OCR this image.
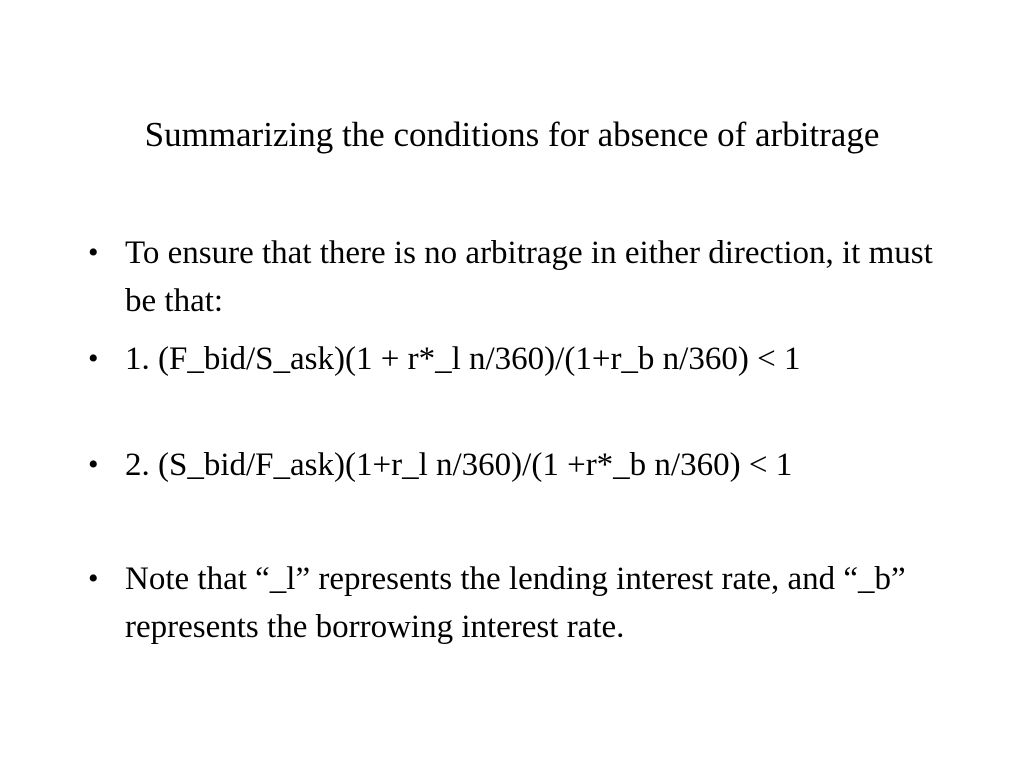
Summarizing the conditions for absence of arbitrage
• To ensure that there is no arbitrage in either direction, it must be that:
• 1. (F_bid/S_ask)(1 + r*_l n/360)/(1+r_b n/360) < 1
• 2. (S_bid/F_ask)(1+r_l n/360)/(1 +r*_b n/360) < 1
• Note that “_l” represents the lending interest rate, and “_b” represents the borrowing interest rate.
